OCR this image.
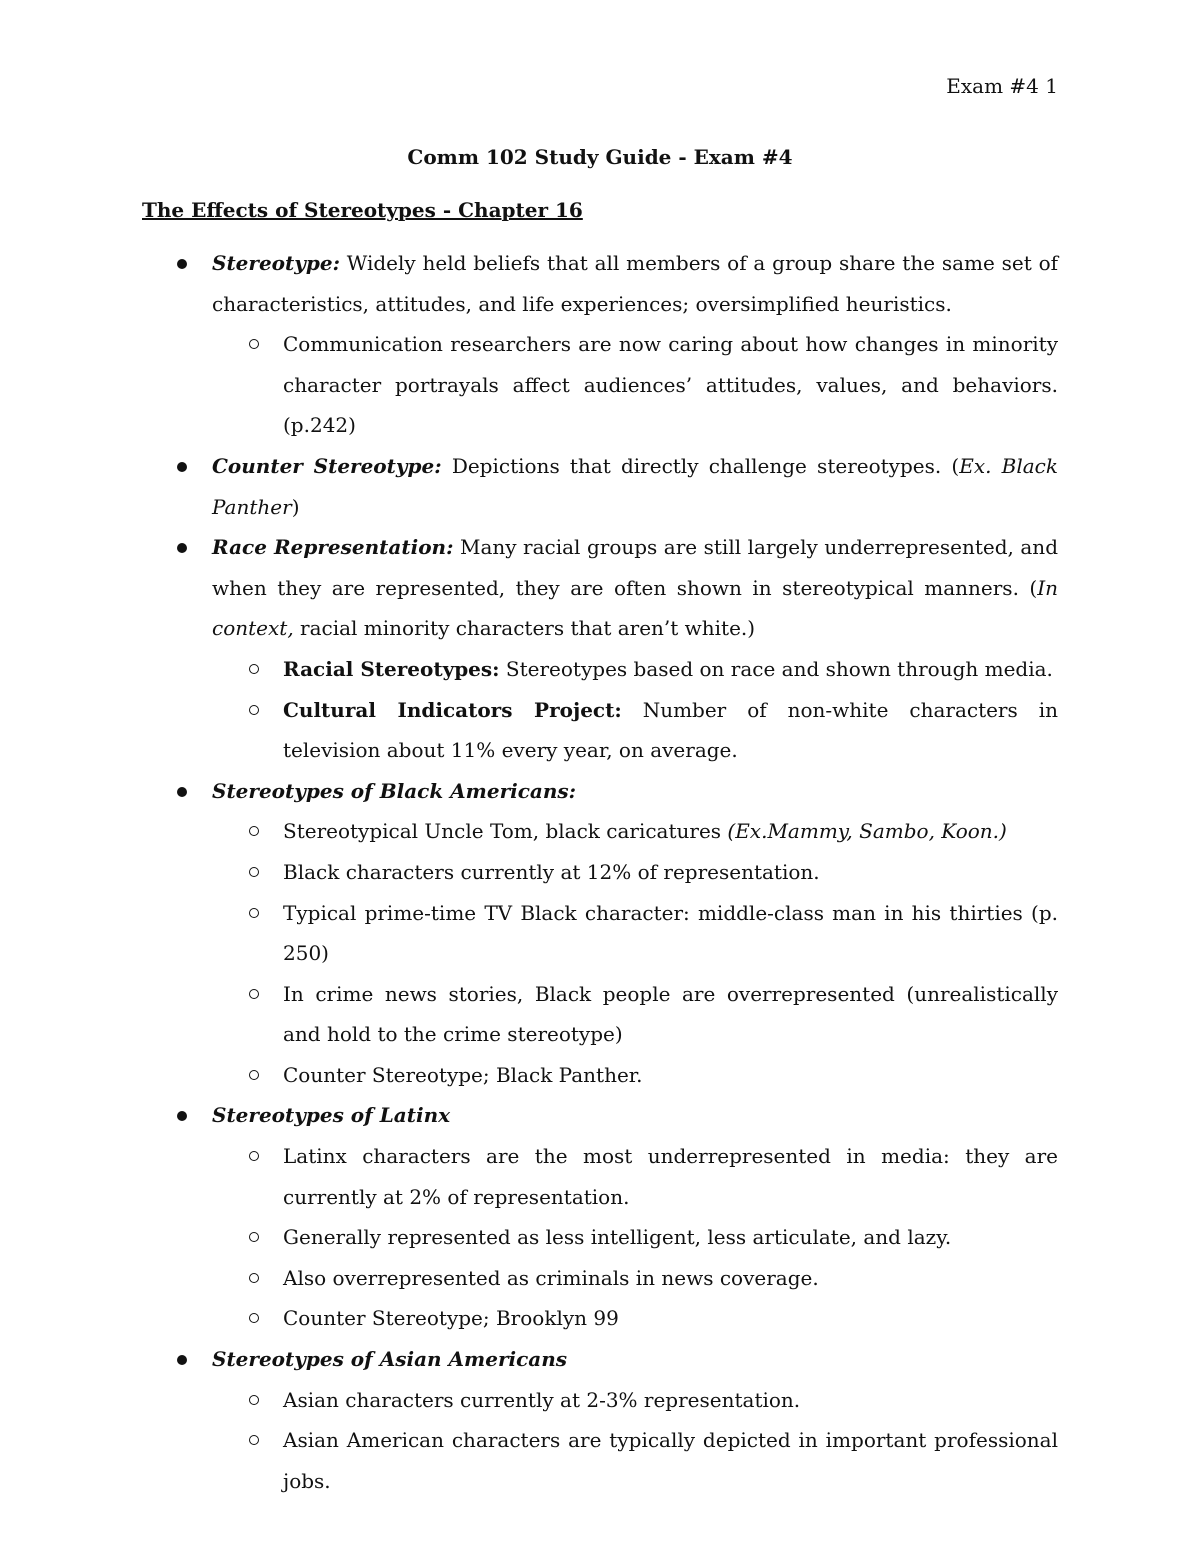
Exam #4 1
Comm 102 Study Guide - Exam #4
The Effects of Stereotypes - Chapter 16
Stereotype: Widely held beliefs that all members of a group share the same set of characteristics, attitudes, and life experiences; oversimplified heuristics.
Communication researchers are now caring about how changes in minority character portrayals affect audiences’ attitudes, values, and behaviors. (p.242)
Counter Stereotype: Depictions that directly challenge stereotypes. (Ex. Black Panther)
Race Representation: Many racial groups are still largely underrepresented, and when they are represented, they are often shown in stereotypical manners. (In context, racial minority characters that aren’t white.)
Racial Stereotypes: Stereotypes based on race and shown through media.
Cultural Indicators Project: Number of non-white characters in television about 11% every year, on average.
Stereotypes of Black Americans:
Stereotypical Uncle Tom, black caricatures (Ex.Mammy, Sambo, Koon.)
Black characters currently at 12% of representation.
Typical prime-time TV Black character: middle-class man in his thirties (p. 250)
In crime news stories, Black people are overrepresented (unrealistically and hold to the crime stereotype)
Counter Stereotype; Black Panther.
Stereotypes of Latinx
Latinx characters are the most underrepresented in media: they are currently at 2% of representation.
Generally represented as less intelligent, less articulate, and lazy.
Also overrepresented as criminals in news coverage.
Counter Stereotype; Brooklyn 99
Stereotypes of Asian Americans
Asian characters currently at 2-3% representation.
Asian American characters are typically depicted in important professional jobs.
